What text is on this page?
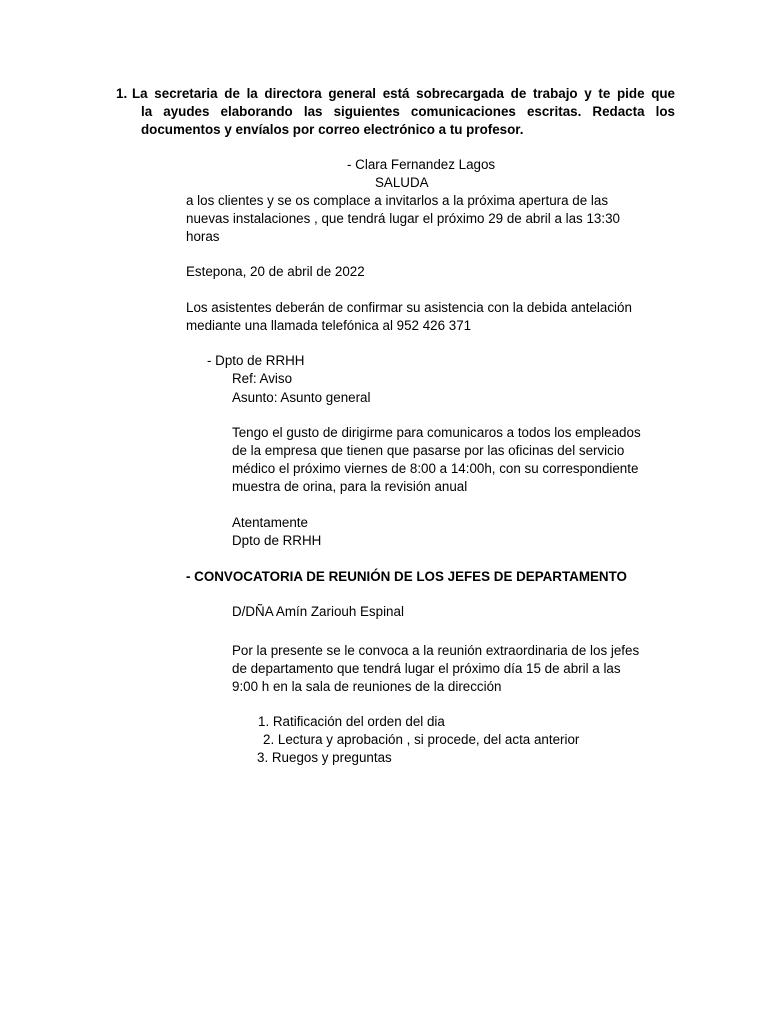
1. La secretaria de la directora general está sobrecargada de trabajo y te pide que
la ayudes elaborando las siguientes comunicaciones escritas. Redacta los
documentos y envíalos por correo electrónico a tu profesor.
- Clara Fernandez Lagos
SALUDA
a los clientes y se os complace a invitarlos a la próxima apertura de las
nuevas instalaciones , que tendrá lugar el próximo 29 de abril a las 13:30
horas
Estepona, 20 de abril de 2022
Los asistentes deberán de confirmar su asistencia con la debida antelación
mediante una llamada telefónica al 952 426 371
- Dpto de RRHH
Ref: Aviso
Asunto: Asunto general
Tengo el gusto de dirigirme para comunicaros a todos los empleados
de la empresa que tienen que pasarse por las oficinas del servicio
médico el próximo viernes de 8:00 a 14:00h, con su correspondiente
muestra de orina, para la revisión anual
Atentamente
Dpto de RRHH
- CONVOCATORIA DE REUNIÓN DE LOS JEFES DE DEPARTAMENTO
D/DÑA Amín Zariouh Espinal
Por la presente se le convoca a la reunión extraordinaria de los jefes
de departamento que tendrá lugar el próximo día 15 de abril a las
9:00 h en la sala de reuniones de la dirección
1. Ratificación del orden del dia
2. Lectura y aprobación , si procede, del acta anterior
3. Ruegos y preguntas
